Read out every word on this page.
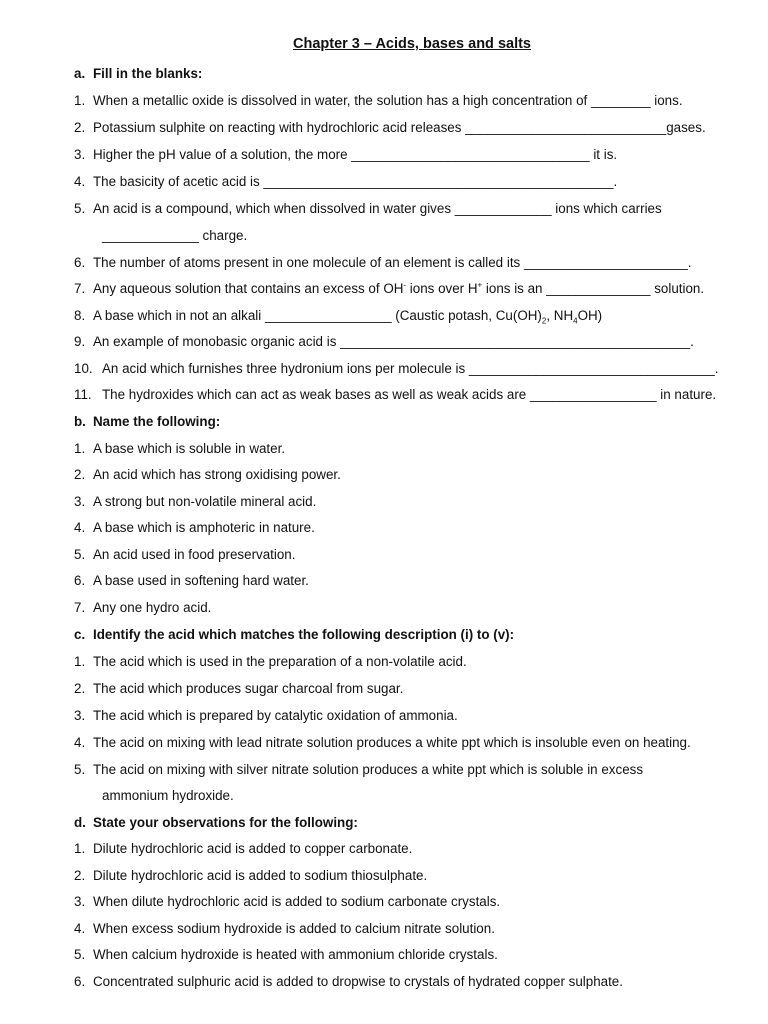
Chapter 3 – Acids, bases and salts
a. Fill in the blanks:
1. When a metallic oxide is dissolved in water, the solution has a high concentration of ________ ions.
2. Potassium sulphite on reacting with hydrochloric acid releases ___________________________gases.
3. Higher the pH value of a solution, the more ________________________________ it is.
4. The basicity of acetic acid is _______________________________________________.
5. An acid is a compound, which when dissolved in water gives _____________ ions which carries
_____________ charge.
6. The number of atoms present in one molecule of an element is called its ______________________.
7. Any aqueous solution that contains an excess of OH- ions over H+ ions is an ______________ solution.
8. A base which in not an alkali _________________ (Caustic potash, $Cu(OH)_2$, $NH_4OH$)
9. An example of monobasic organic acid is _______________________________________________.
10. An acid which furnishes three hydronium ions per molecule is _________________________________.
11. The hydroxides which can act as weak bases as well as weak acids are _________________ in nature.
b. Name the following:
1. A base which is soluble in water.
2. An acid which has strong oxidising power.
3. A strong but non-volatile mineral acid.
4. A base which is amphoteric in nature.
5. An acid used in food preservation.
6. A base used in softening hard water.
7. Any one hydro acid.
c. Identify the acid which matches the following description (i) to (v):
1. The acid which is used in the preparation of a non-volatile acid.
2. The acid which produces sugar charcoal from sugar.
3. The acid which is prepared by catalytic oxidation of ammonia.
4. The acid on mixing with lead nitrate solution produces a white ppt which is insoluble even on heating.
5. The acid on mixing with silver nitrate solution produces a white ppt which is soluble in excess
ammonium hydroxide.
d. State your observations for the following:
1. Dilute hydrochloric acid is added to copper carbonate.
2. Dilute hydrochloric acid is added to sodium thiosulphate.
3. When dilute hydrochloric acid is added to sodium carbonate crystals.
4. When excess sodium hydroxide is added to calcium nitrate solution.
5. When calcium hydroxide is heated with ammonium chloride crystals.
6. Concentrated sulphuric acid is added to dropwise to crystals of hydrated copper sulphate.
